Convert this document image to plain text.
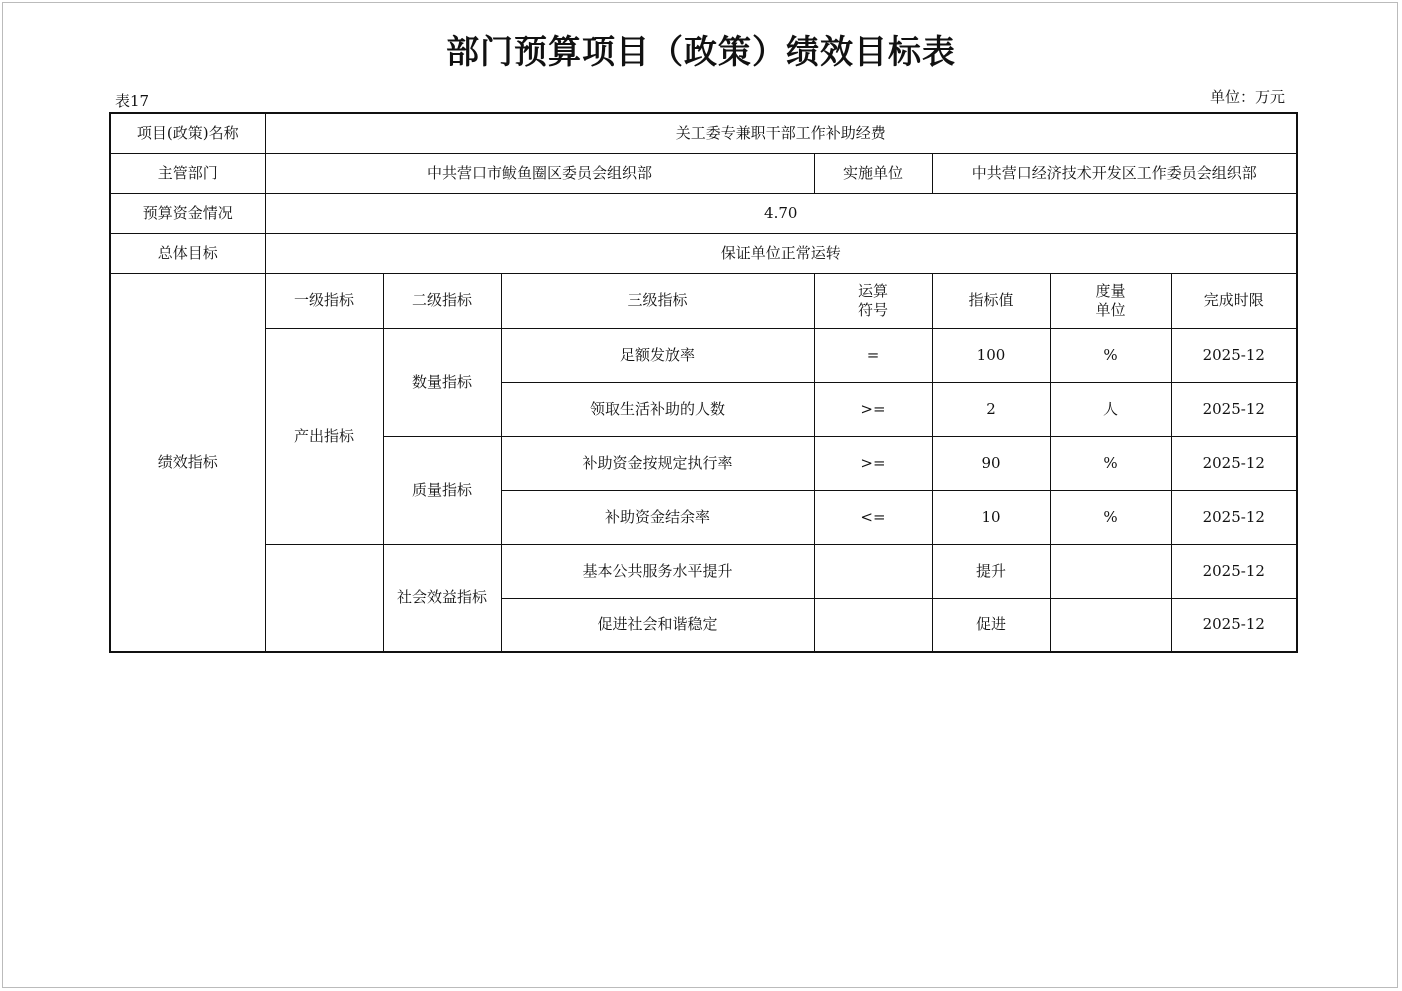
部门预算项目（政策）绩效目标表
表17	单位：万元
项目(政策)名称	关工委专兼职干部工作补助经费						
主管部门	中共营口市鲅鱼圈区委员会组织部			实施单位	中共营口经济技术开发区工作委员会组织部		
预算资金情况	4.70						
总体目标	保证单位正常运转						
绩效指标	一级指标	二级指标	三级指标	运算符号	指标值	度量单位	完成时限
	产出指标	数量指标	足额发放率	=	100	%	2025-12
			领取生活补助的人数	>=	2	人	2025-12
		质量指标	补助资金按规定执行率	>=	90	%	2025-12
			补助资金结余率	<=	10	%	2025-12
		社会效益指标	基本公共服务水平提升		提升		2025-12
			促进社会和谐稳定		促进		2025-12
